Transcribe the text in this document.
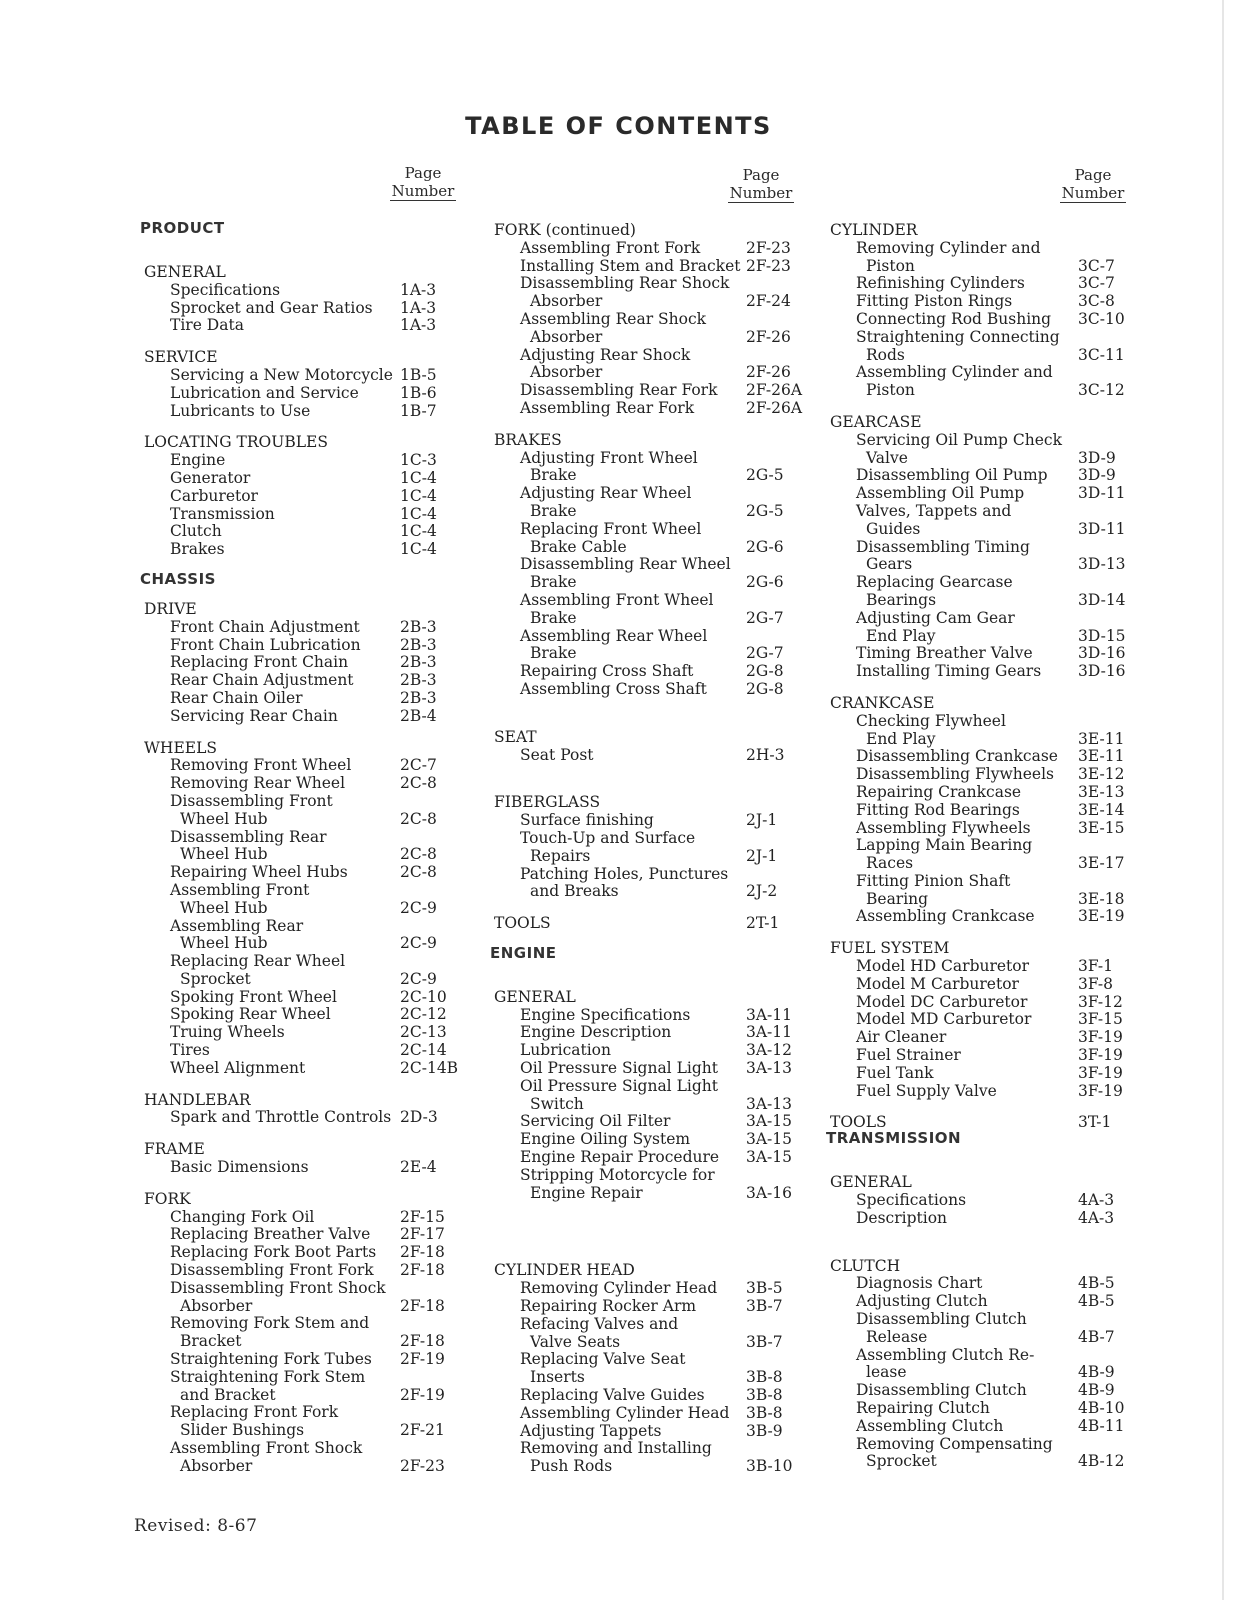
TABLE OF CONTENTS
Page
Number
Page
Number
Page
Number
PRODUCT
GENERAL
Specifications	1A-3
Sprocket and Gear Ratios 1A-3
Tire Data	1A-3
SERVICE
Servicing a New Motorcycle 1B-5
Lubrication and Service	1B-6
Lubricants to Use	1B-7
LOCATING TROUBLES
Engine	1C-3
Generator	1C-4
Carburetor	1C-4
Transmission	1C-4
Clutch	1C-4
Brakes	1C-4
CHASSIS
DRIVE
Front Chain Adjustment	2B-3
Front Chain Lubrication	2B-3
Replacing Front Chain	2B-3
Rear Chain Adjustment	2B-3
Rear Chain Oiler	2B-3
Servicing Rear Chain	2B-4
WHEELS
Removing Front Wheel	2C-7
Removing Rear Wheel	2C-8
Disassembling Front
Wheel Hub	2C-8
Disassembling Rear
Wheel Hub	2C-8
Repairing Wheel Hubs	2C-8
Assembling Front
Wheel Hub	2C-9
Assembling Rear
Wheel Hub	2C-9
Replacing Rear Wheel
Sprocket	2C-9
Spoking Front Wheel	2C-10
Spoking Rear Wheel	2C-12
Truing Wheels	2C-13
Tires	2C-14
Wheel Alignment	2C-14B
HANDLEBAR
Spark and Throttle Controls 2D-3
FRAME
Basic Dimensions	2E-4
FORK
Changing Fork Oil	2F-15
Replacing Breather Valve 2F-17
Replacing Fork Boot Parts 2F-18
Disassembling Front Fork 2F-18
Disassembling Front Shock
Absorber	2F-18
Removing Fork Stem and
Bracket	2F-18
Straightening Fork Tubes 2F-19
Straightening Fork Stem
and Bracket	2F-19
Replacing Front Fork
Slider Bushings	2F-21
Assembling Front Shock
Absorber	2F-23
FORK (continued)
Assembling Front Fork	2F-23
Installing Stem and Bracket 2F-23
Disassembling Rear Shock
Absorber	2F-24
Assembling Rear Shock
Absorber	2F-26
Adjusting Rear Shock
Absorber	2F-26
Disassembling Rear Fork 2F-26A
Assembling Rear Fork	2F-26A
BRAKES
Adjusting Front Wheel
Brake	2G-5
Adjusting Rear Wheel
Brake	2G-5
Replacing Front Wheel
Brake Cable	2G-6
Disassembling Rear Wheel
Brake	2G-6
Assembling Front Wheel
Brake	2G-7
Assembling Rear Wheel
Brake	2G-7
Repairing Cross Shaft	2G-8
Assembling Cross Shaft	2G-8
SEAT
Seat Post	2H-3
FIBERGLASS
Surface finishing	2J-1
Touch-Up and Surface
Repairs	2J-1
Patching Holes, Punctures
and Breaks	2J-2
TOOLS	2T-1
ENGINE
GENERAL
Engine Specifications	3A-11
Engine Description	3A-11
Lubrication	3A-12
Oil Pressure Signal Light 3A-13
Oil Pressure Signal Light
Switch	3A-13
Servicing Oil Filter	3A-15
Engine Oiling System	3A-15
Engine Repair Procedure 3A-15
Stripping Motorcycle for
Engine Repair	3A-16
CYLINDER HEAD
Removing Cylinder Head 3B-5
Repairing Rocker Arm	3B-7
Refacing Valves and
Valve Seats	3B-7
Replacing Valve Seat
Inserts	3B-8
Replacing Valve Guides	3B-8
Assembling Cylinder Head 3B-8
Adjusting Tappets	3B-9
Removing and Installing
Push Rods	3B-10
CYLINDER
Removing Cylinder and
Piston	3C-7
Refinishing Cylinders	3C-7
Fitting Piston Rings	3C-8
Connecting Rod Bushing 3C-10
Straightening Connecting
Rods	3C-11
Assembling Cylinder and
Piston	3C-12
GEARCASE
Servicing Oil Pump Check
Valve	3D-9
Disassembling Oil Pump 3D-9
Assembling Oil Pump	3D-11
Valves, Tappets and
Guides	3D-11
Disassembling Timing
Gears	3D-13
Replacing Gearcase
Bearings	3D-14
Adjusting Cam Gear
End Play	3D-15
Timing Breather Valve	3D-16
Installing Timing Gears 3D-16
CRANKCASE
Checking Flywheel
End Play	3E-11
Disassembling Crankcase 3E-11
Disassembling Flywheels 3E-12
Repairing Crankcase	3E-13
Fitting Rod Bearings	3E-14
Assembling Flywheels	3E-15
Lapping Main Bearing
Races	3E-17
Fitting Pinion Shaft
Bearing	3E-18
Assembling Crankcase	3E-19
FUEL SYSTEM
Model HD Carburetor	3F-1
Model M Carburetor	3F-8
Model DC Carburetor	3F-12
Model MD Carburetor	3F-15
Air Cleaner	3F-19
Fuel Strainer	3F-19
Fuel Tank	3F-19
Fuel Supply Valve	3F-19
TOOLS	3T-1
TRANSMISSION
GENERAL
Specifications	4A-3
Description	4A-3
CLUTCH
Diagnosis Chart	4B-5
Adjusting Clutch	4B-5
Disassembling Clutch
Release	4B-7
Assembling Clutch Re-
lease	4B-9
Disassembling Clutch	4B-9
Repairing Clutch	4B-10
Assembling Clutch	4B-11
Removing Compensating
Sprocket	4B-12
Revised: 8-67
